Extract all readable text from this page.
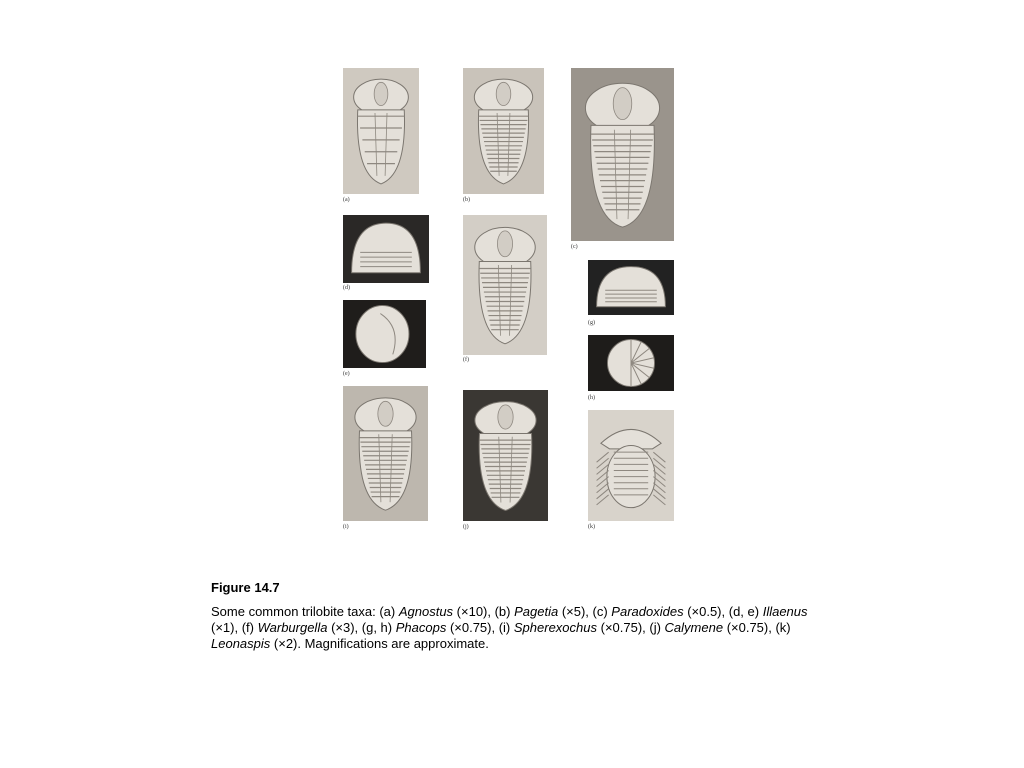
(a)	(b)
(c)
(d)
(e)
(f)
(g)
(h)
(i)	(j)	(k)

Figure 14.7

Some common trilobite taxa: (a) Agnostus (×10), (b) Pagetia (×5), (c) Paradoxides (×0.5), (d, e) Illaenus (×1), (f) Warburgella (×3), (g, h) Phacops (×0.75), (i) Spherexochus (×0.75), (j) Calymene (×0.75), (k) Leonaspis (×2). Magnifications are approximate.
